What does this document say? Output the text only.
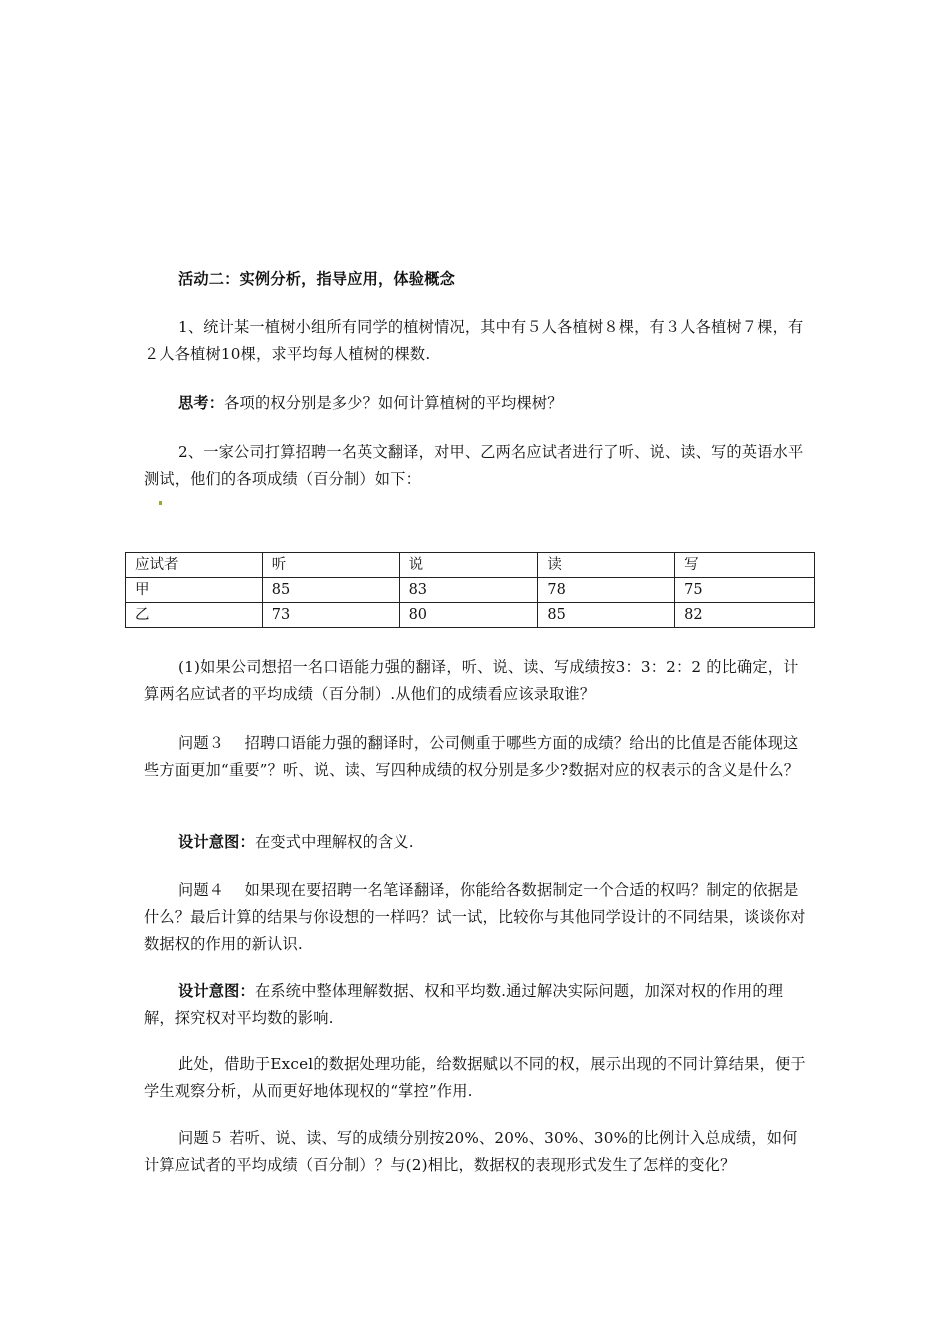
活动二：实例分析，指导应用，体验概念

1、统计某一植树小组所有同学的植树情况，其中有５人各植树８棵，有３人各植树７棵，有２人各植树10棵，求平均每人植树的棵数.

思考：各项的权分别是多少？如何计算植树的平均棵树？

2、一家公司打算招聘一名英文翻译，对甲、乙两名应试者进行了听、说、读、写的英语水平测试，他们的各项成绩（百分制）如下：

应试者	听	说	读	写
甲	85	83	78	75
乙	73	80	85	82

(1)如果公司想招一名口语能力强的翻译，听、说、读、写成绩按3：3：2：2 的比确定，计算两名应试者的平均成绩（百分制）.从他们的成绩看应该录取谁？

问题３　 招聘口语能力强的翻译时，公司侧重于哪些方面的成绩？给出的比值是否能体现这些方面更加“重要”？听、说、读、写四种成绩的权分别是多少?数据对应的权表示的含义是什么？

设计意图：在变式中理解权的含义.

问题４　 如果现在要招聘一名笔译翻译，你能给各数据制定一个合适的权吗？制定的依据是什么？最后计算的结果与你设想的一样吗？试一试，比较你与其他同学设计的不同结果，谈谈你对数据权的作用的新认识.

设计意图：在系统中整体理解数据、权和平均数.通过解决实际问题，加深对权的作用的理解，探究权对平均数的影响.

此处，借助于Excel的数据处理功能，给数据赋以不同的权，展示出现的不同计算结果，便于学生观察分析，从而更好地体现权的“掌控”作用.

问题５ 若听、说、读、写的成绩分别按20%、20%、30%、30%的比例计入总成绩，如何计算应试者的平均成绩（百分制）？与(2)相比，数据权的表现形式发生了怎样的变化？
